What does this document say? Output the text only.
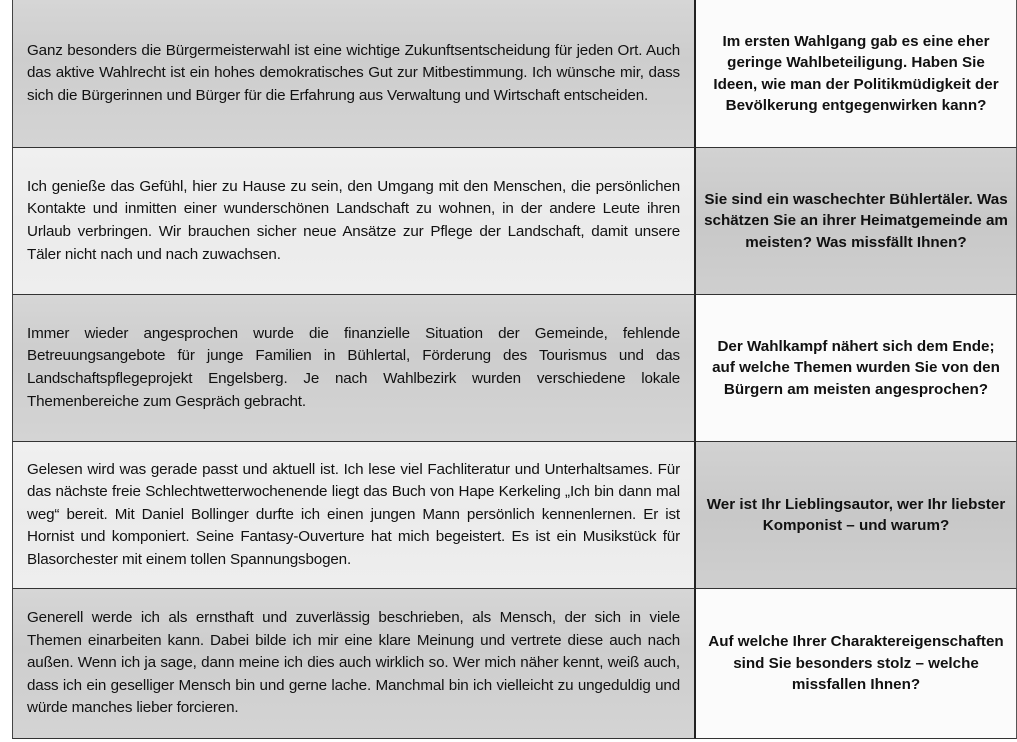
Ganz besonders die Bürgermeisterwahl ist eine wichtige Zukunftsentscheidung für jeden Ort. Auch das aktive Wahlrecht ist ein hohes demokratisches Gut zur Mitbestimmung. Ich wünsche mir, dass sich die Bürgerinnen und Bürger für die Erfahrung aus Verwaltung und Wirtschaft entscheiden.

Im ersten Wahlgang gab es eine eher geringe Wahlbeteiligung. Haben Sie Ideen, wie man der Politikmüdigkeit der Bevölkerung entgegenwirken kann?

Ich genieße das Gefühl, hier zu Hause zu sein, den Umgang mit den Menschen, die persönlichen Kontakte und inmitten einer wunderschönen Landschaft zu wohnen, in der andere Leute ihren Urlaub verbringen. Wir brauchen sicher neue Ansätze zur Pflege der Landschaft, damit unsere Täler nicht nach und nach zuwachsen.

Sie sind ein waschechter Bühlertäler. Was schätzen Sie an ihrer Heimatgemeinde am meisten? Was missfällt Ihnen?

Immer wieder angesprochen wurde die finanzielle Situation der Gemeinde, fehlende Betreuungsangebote für junge Familien in Bühlertal, Förderung des Tourismus und das Landschaftspflegeprojekt Engelsberg. Je nach Wahlbezirk wurden verschiedene lokale Themenbereiche zum Gespräch gebracht.

Der Wahlkampf nähert sich dem Ende; auf welche Themen wurden Sie von den Bürgern am meisten angesprochen?

Gelesen wird was gerade passt und aktuell ist. Ich lese viel Fachliteratur und Unterhaltsames. Für das nächste freie Schlechtwetterwochenende liegt das Buch von Hape Kerkeling „Ich bin dann mal weg“ bereit. Mit Daniel Bollinger durfte ich einen jungen Mann persönlich kennenlernen. Er ist Hornist und komponiert. Seine Fantasy-Ouverture hat mich begeistert. Es ist ein Musikstück für Blasorchester mit einem tollen Spannungsbogen.

Wer ist Ihr Lieblingsautor, wer Ihr liebster Komponist – und warum?

Generell werde ich als ernsthaft und zuverlässig beschrieben, als Mensch, der sich in viele Themen einarbeiten kann. Dabei bilde ich mir eine klare Meinung und vertrete diese auch nach außen. Wenn ich ja sage, dann meine ich dies auch wirklich so. Wer mich näher kennt, weiß auch, dass ich ein geselliger Mensch bin und gerne lache. Manchmal bin ich vielleicht zu ungeduldig und würde manches lieber forcieren.

Auf welche Ihrer Charaktereigenschaften sind Sie besonders stolz – welche missfallen Ihnen?
